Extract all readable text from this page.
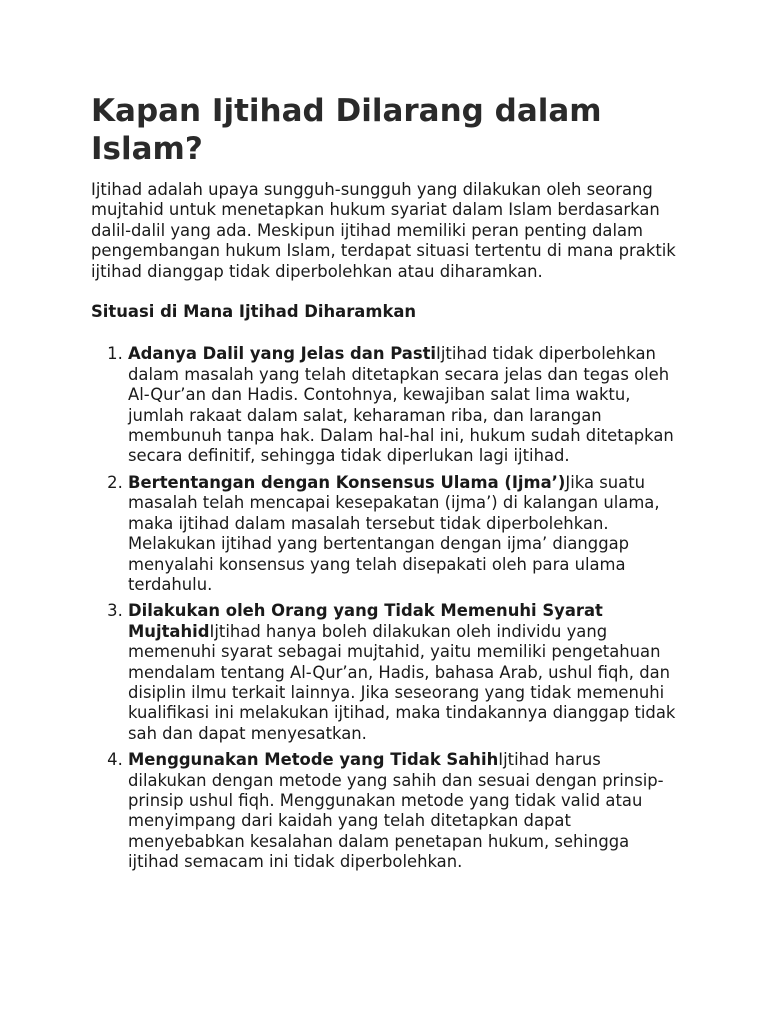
Kapan Ijtihad Dilarang dalam Islam?

Ijtihad adalah upaya sungguh-sungguh yang dilakukan oleh seorang mujtahid untuk menetapkan hukum syariat dalam Islam berdasarkan dalil-dalil yang ada. Meskipun ijtihad memiliki peran penting dalam pengembangan hukum Islam, terdapat situasi tertentu di mana praktik ijtihad dianggap tidak diperbolehkan atau diharamkan.

Situasi di Mana Ijtihad Diharamkan
1. Adanya Dalil yang Jelas dan PastiIjtihad tidak diperbolehkan dalam masalah yang telah ditetapkan secara jelas dan tegas oleh Al-Qur’an dan Hadis. Contohnya, kewajiban salat lima waktu, jumlah rakaat dalam salat, keharaman riba, dan larangan membunuh tanpa hak. Dalam hal-hal ini, hukum sudah ditetapkan secara definitif, sehingga tidak diperlukan lagi ijtihad.
2. Bertentangan dengan Konsensus Ulama (Ijma’)Jika suatu masalah telah mencapai kesepakatan (ijma’) di kalangan ulama, maka ijtihad dalam masalah tersebut tidak diperbolehkan. Melakukan ijtihad yang bertentangan dengan ijma’ dianggap menyalahi konsensus yang telah disepakati oleh para ulama terdahulu.
3. Dilakukan oleh Orang yang Tidak Memenuhi Syarat MujtahidIjtihad hanya boleh dilakukan oleh individu yang memenuhi syarat sebagai mujtahid, yaitu memiliki pengetahuan mendalam tentang Al-Qur’an, Hadis, bahasa Arab, ushul fiqh, dan disiplin ilmu terkait lainnya. Jika seseorang yang tidak memenuhi kualifikasi ini melakukan ijtihad, maka tindakannya dianggap tidak sah dan dapat menyesatkan.
4. Menggunakan Metode yang Tidak SahihIjtihad harus dilakukan dengan metode yang sahih dan sesuai dengan prinsip-prinsip ushul fiqh. Menggunakan metode yang tidak valid atau menyimpang dari kaidah yang telah ditetapkan dapat menyebabkan kesalahan dalam penetapan hukum, sehingga ijtihad semacam ini tidak diperbolehkan.
